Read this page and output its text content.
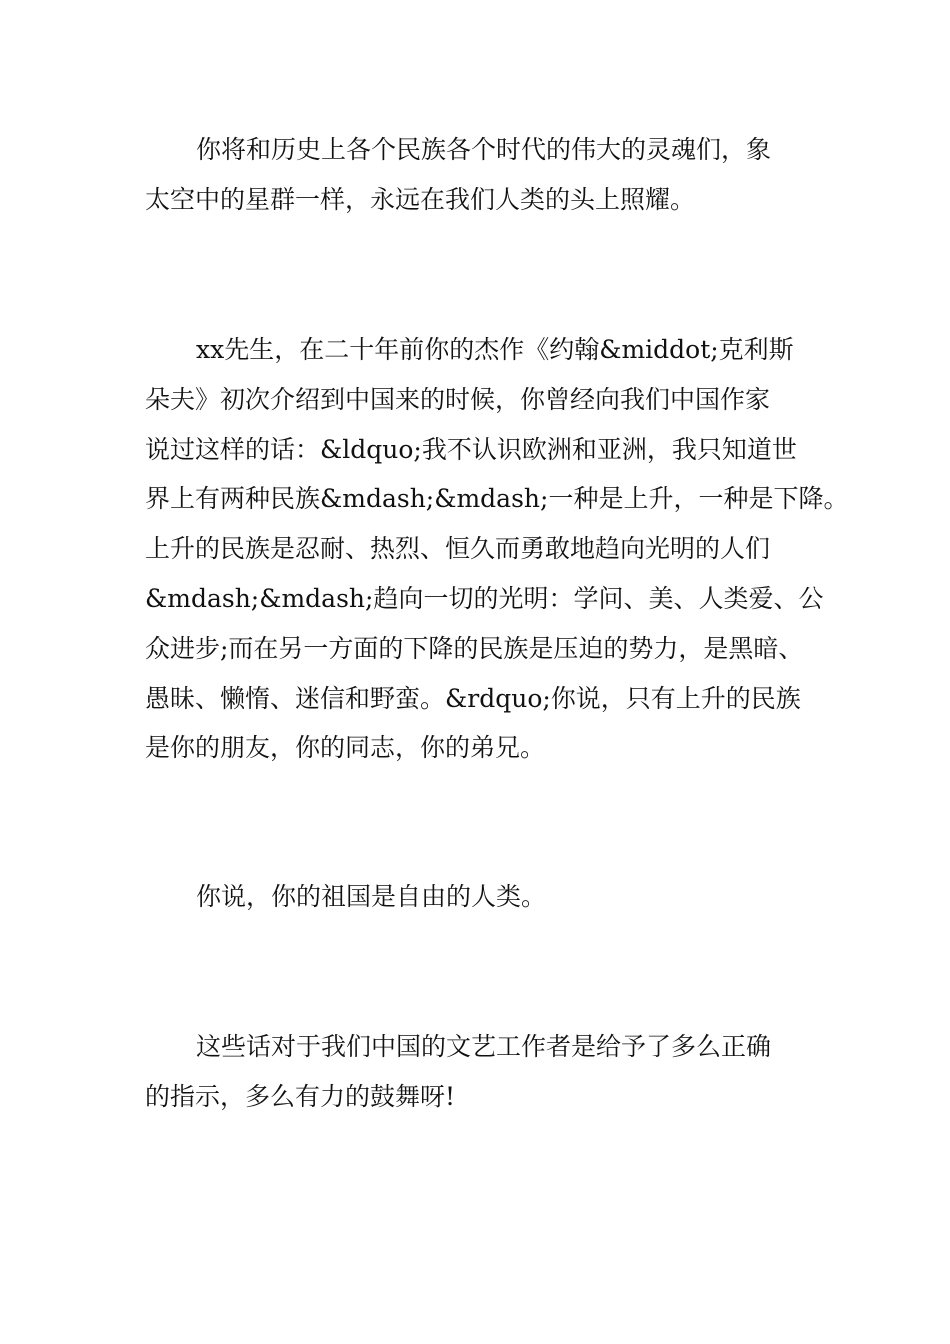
你将和历史上各个民族各个时代的伟大的灵魂们，象
太空中的星群一样，永远在我们人类的头上照耀。
xx先生，在二十年前你的杰作《约翰&middot;克利斯
朵夫》初次介绍到中国来的时候，你曾经向我们中国作家
说过这样的话：&ldquo;我不认识欧洲和亚洲，我只知道世
界上有两种民族&mdash;&mdash;一种是上升，一种是下降。
上升的民族是忍耐、热烈、恒久而勇敢地趋向光明的人们
&mdash;&mdash;趋向一切的光明：学问、美、人类爱、公
众进步;而在另一方面的下降的民族是压迫的势力，是黑暗、
愚昧、懒惰、迷信和野蛮。&rdquo;你说，只有上升的民族
是你的朋友，你的同志，你的弟兄。
你说，你的祖国是自由的人类。
这些话对于我们中国的文艺工作者是给予了多么正确
的指示，多么有力的鼓舞呀!
